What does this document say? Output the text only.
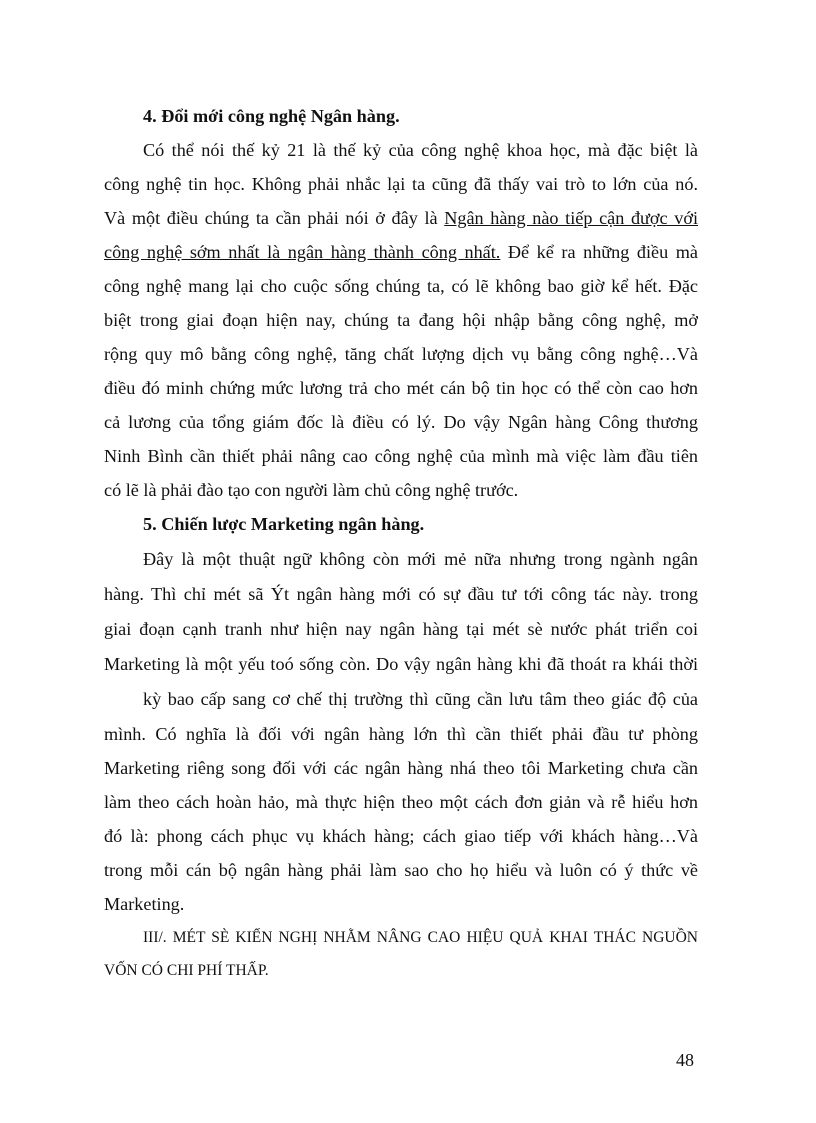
4. Đổi mới công nghệ Ngân hàng.
Có thể nói thế kỷ 21 là thế kỷ của công nghệ khoa học, mà đặc biệt là
công nghệ tin học. Không phải nhắc lại ta cũng đã thấy vai trò to lớn của nó.
Và một điều chúng ta cần phải nói ở đây là Ngân hàng nào tiếp cận được với
công nghệ sớm nhất là ngân hàng thành công nhất. Để kể ra những điều mà
công nghệ mang lại cho cuộc sống chúng ta, có lẽ không bao giờ kể hết. Đặc
biệt trong giai đoạn hiện nay, chúng ta đang hội nhập bằng công nghệ, mở
rộng quy mô bằng công nghệ, tăng chất lượng dịch vụ bằng công nghệ…Và
điều đó minh chứng mức lương trả cho mét cán bộ tin học có thể còn cao hơn
cả lương của tổng giám đốc là điều có lý. Do vậy Ngân hàng Công thương
Ninh Bình cần thiết phải nâng cao công nghệ của mình mà việc làm đầu tiên
có lẽ là phải đào tạo con người làm chủ công nghệ trước.
5. Chiến lược Marketing ngân hàng.
Đây là một thuật ngữ không còn mới mẻ nữa nhưng trong ngành ngân
hàng. Thì chỉ mét sã Ýt ngân hàng mới có sự đầu tư tới công tác này. trong
giai đoạn cạnh tranh như hiện nay ngân hàng tại mét sè nước phát triển coi
Marketing là một yếu toó sống còn. Do vậy ngân hàng khi đã thoát ra khái thời
kỳ bao cấp sang cơ chế thị trường thì cũng cần lưu tâm theo giác độ của
mình. Có nghĩa là đối với ngân hàng lớn thì cần thiết phải đầu tư phòng
Marketing riêng song đối với các ngân hàng nhá theo tôi Marketing chưa cần
làm theo cách hoàn hảo, mà thực hiện theo một cách đơn giản và rễ hiểu hơn
đó là: phong cách phục vụ khách hàng; cách giao tiếp với khách hàng…Và
trong mỗi cán bộ ngân hàng phải làm sao cho họ hiểu và luôn có ý thức về
Marketing.
III/. MÉT SÈ KIẾN NGHỊ NHẰM NÂNG CAO HIỆU QUẢ KHAI THÁC NGUỒN
VỐN CÓ CHI PHÍ THẤP.
48
